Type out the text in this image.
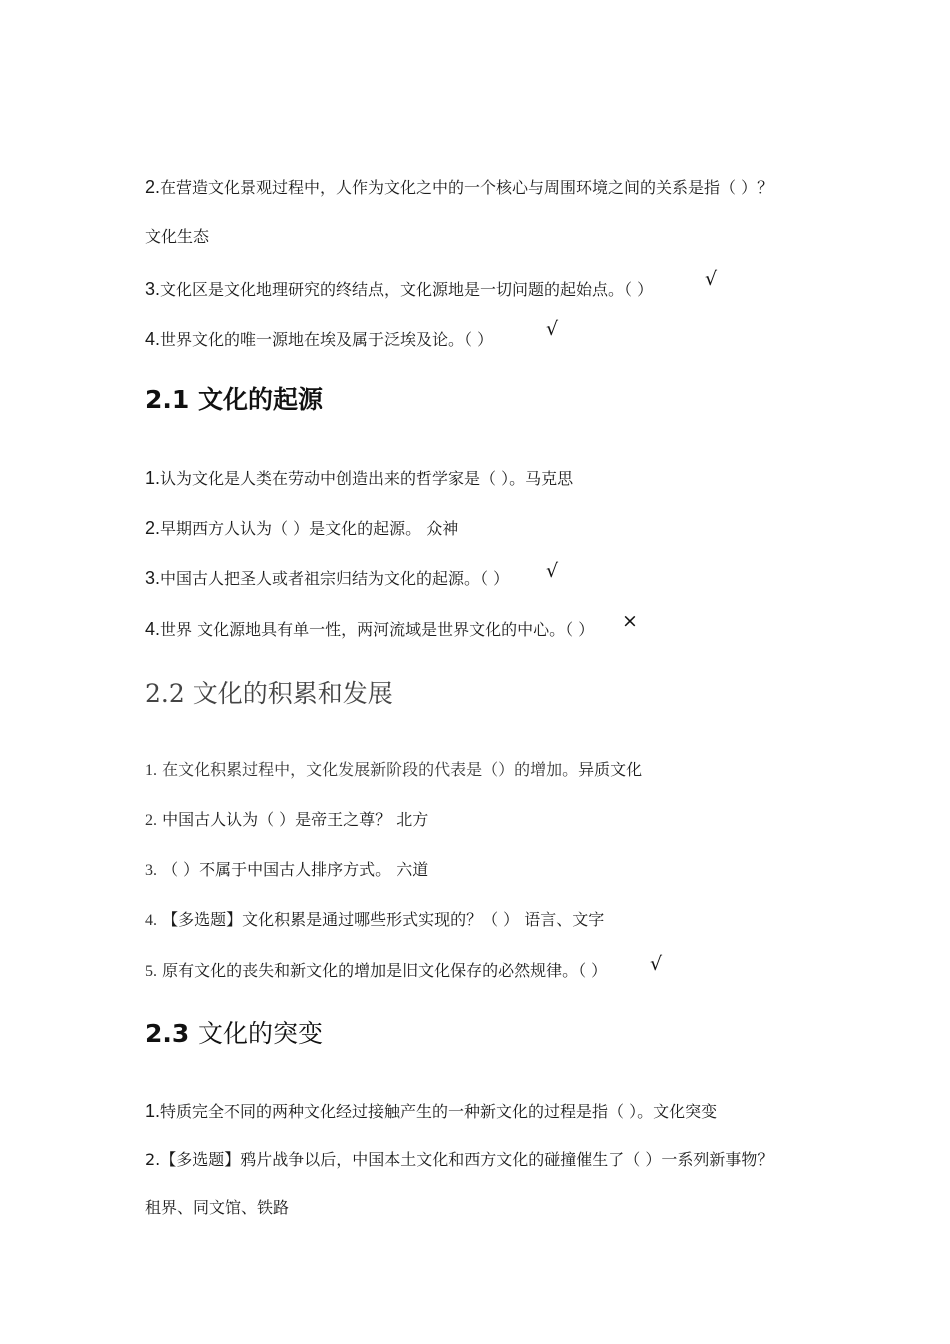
2.在营造文化景观过程中，人作为文化之中的一个核心与周围环境之间的关系是指（ ）？
文化生态
3.文化区是文化地理研究的终结点，文化源地是一切问题的起始点。（ ）	√
4.世界文化的唯一源地在埃及属于泛埃及论。（ ）	√
2.1 文化的起源
1.认为文化是人类在劳动中创造出来的哲学家是（ ）。马克思
2.早期西方人认为（ ）是文化的起源。 众神
3.中国古人把圣人或者祖宗归结为文化的起源。（ ） √
4.世界 文化源地具有单一性，两河流域是世界文化的中心。（ ） ×
2.2 文化的积累和发展
1. 在文化积累过程中，文化发展新阶段的代表是（）的增加。异质文化
2. 中国古人认为（ ）是帝王之尊？ 北方
3. （ ）不属于中国古人排序方式。 六道
4. 【多选题】文化积累是通过哪些形式实现的？（ ） 语言、文字
5. 原有文化的丧失和新文化的增加是旧文化保存的必然规律。（ ） √
2.3 文化的突变
1.特质完全不同的两种文化经过接触产生的一种新文化的过程是指（ ）。文化突变
2.【多选题】鸦片战争以后，中国本土文化和西方文化的碰撞催生了（ ）一系列新事物？
租界、同文馆、铁路
